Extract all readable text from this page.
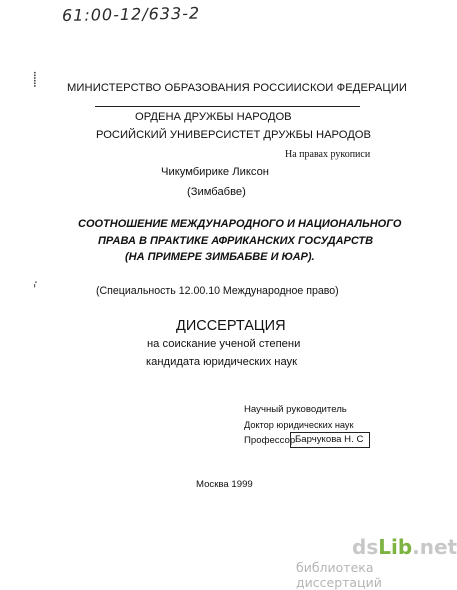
61:00-12/633-2
⸽
.
'
МИНИСТЕРСТВО ОБРАЗОВАНИЯ РОССИИСКОИ ФЕДЕРАЦИИ
ОРДЕНА ДРУЖБЫ НАРОДОВ
РОСИЙСКИЙ УНИВЕРСИСТЕТ ДРУЖБЫ НАРОДОВ
На правах рукописи
Чикумбирике Ликсон
(Зимбабве)
СООТНОШЕНИЕ МЕЖДУНАРОДНОГО И НАЦИОНАЛЬНОГО
ПРАВА В ПРАКТИКЕ АФРИКАНСКИХ ГОСУДАРСТВ
(НА ПРИМЕРЕ ЗИМБАБВЕ И ЮАР).
(Специальность 12.00.10 Международное право)
ДИССЕРТАЦИЯ
на соискание ученой степени
кандидата юридических наук
Научный руководитель
Доктор юридических наук
Профессор Барчукова Н. С
Москва 1999
dsLib.net
библиотека диссертаций
